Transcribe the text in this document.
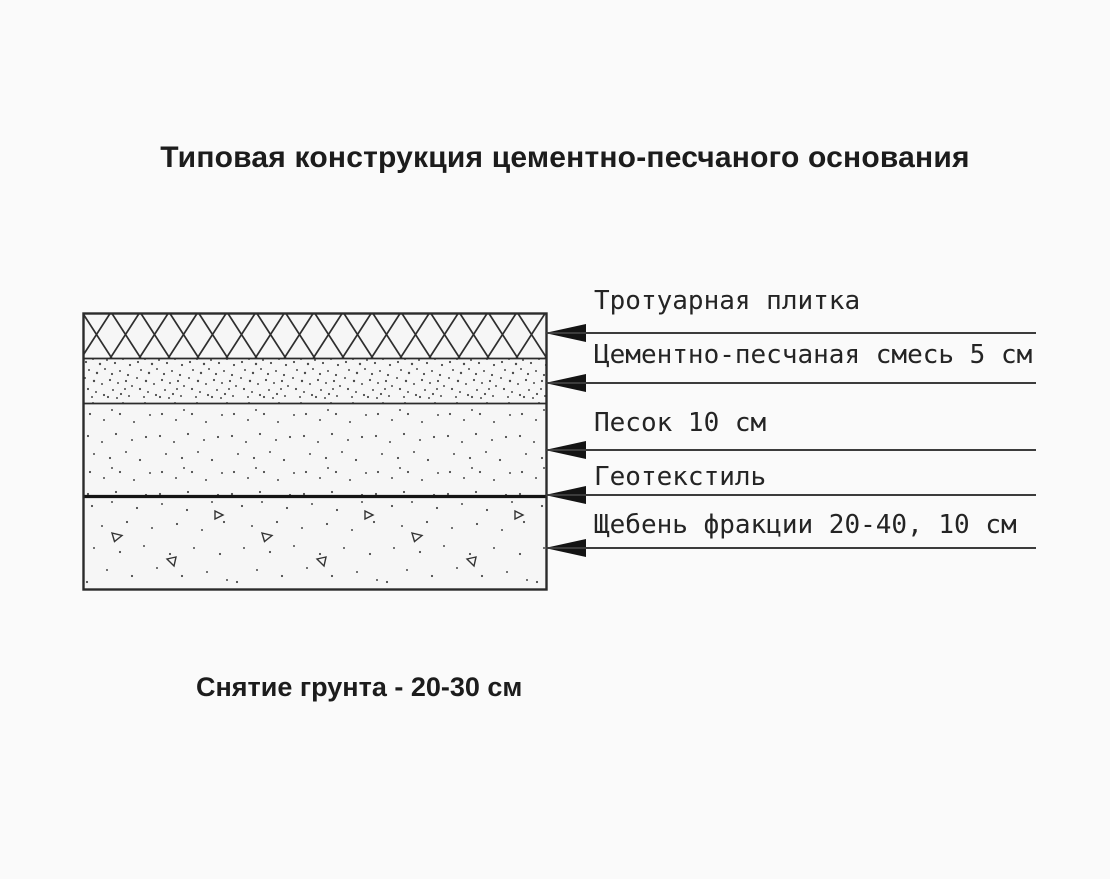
Типовая конструкция цементно-песчаного основания
Тротуарная плитка
Цементно-песчаная смесь 5 см
Песок 10 см
Геотекстиль
Щебень фракции 20-40, 10 см
Снятие грунта - 20-30 см
